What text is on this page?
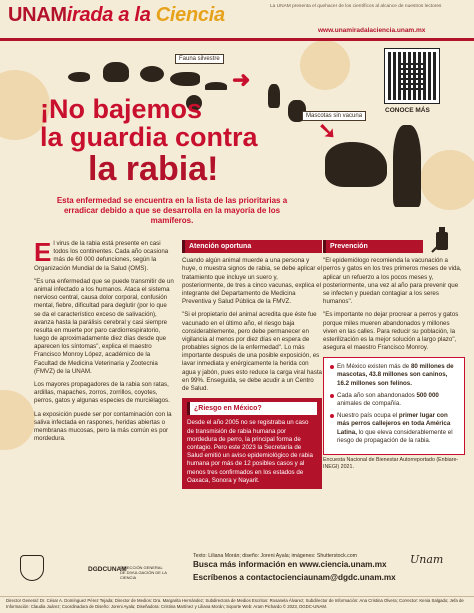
UNAMirada a la Ciencia	La UNAM presenta el quehacer de los científicos al alcance de nuestros lectores
www.unamiradalaciencia.unam.mx
Fauna silvestre
➜
Mascotas sin vacuna
➘
CONOCE MÁS
¡No bajemos
la guardia contra
la rabia!
Esta enfermedad se encuentra en la lista de las prioritarias a erradicar debido a que se desarrolla en la mayoría de los mamíferos.

El virus de la rabia está presente en casi todos los continentes. Cada año ocasiona más de 60 000 defunciones, según la Organización Mundial de la Salud (OMS).

"Es una enfermedad que se puede transmitir de un animal infectado a los humanos. Ataca el sistema nervioso central, causa dolor corporal, confusión mental, fiebre, dificultad para deglutir (por lo que se da el característico exceso de salivación), avanza hasta la parálisis cerebral y casi siempre resulta en muerte por paro cardiorrespiratorio, luego de aproximadamente diez días desde que aparecen los síntomas", explica el maestro Francisco Monroy López, académico de la Facultad de Medicina Veterinaria y Zootecnia (FMVZ) de la UNAM.

Los mayores propagadores de la rabia son ratas, ardillas, mapaches, zorros, zorrillos, coyotes, perros, gatos y algunas especies de murciélagos.

La exposición puede ser por contaminación con la saliva infectada en raspones, heridas abiertas o membranas mucosas, pero la más común es por mordedura.

Atención oportuna

Cuando algún animal muerde a una persona y huye, o muestra signos de rabia, se debe aplicar el tratamiento que incluye un suero y, posteriormente, de tres a cinco vacunas, explica el integrante del Departamento de Medicina Preventiva y Salud Pública de la FMVZ.

"Si el propietario del animal acredita que éste fue vacunado en el último año, el riesgo baja considerablemente, pero debe permanecer en vigilancia al menos por diez días en espera de probables signos de la enfermedad". Lo más importante después de una posible exposición, es lavar inmediata y enérgicamente la herida con agua y jabón, pues esto reduce la carga viral hasta en 99%. Enseguida, se debe acudir a un Centro de Salud.

¿Riesgo en México?

Desde el año 2005 no se registraba un caso de transmisión de rabia humana por mordedura de perro, la principal forma de contagio. Pero este 2023 la Secretaría de Salud emitió un aviso epidemiológico de rabia humana por más de 12 posibles casos y al menos tres confirmados en los estados de Oaxaca, Sonora y Nayarit.

Prevención

"El epidemiólogo recomienda la vacunación a perros y gatos en los tres primeros meses de vida, aplicar un refuerzo a los pocos meses y, posteriormente, una vez al año para prevenir que se infecten y puedan contagiar a los seres humanos".

"Es importante no dejar procrear a perros y gatos porque miles mueren abandonados y millones viven en las calles. Para reducir su población, la esterilización es la mejor solución a largo plazo", asegura el maestro Francisco Monroy.

En México existen más de 80 millones de mascotas, 43.8 millones son caninos, 16.2 millones son felinos.
Cada año son abandonados 500 000 animales de compañía.
Nuestro país ocupa el primer lugar con más perros callejeros en toda América Latina, lo que eleva considerablemente el riesgo de propagación de la rabia.
Encuesta Nacional de Bienestar Autorreportado (Enbiare-INEGI) 2021.
DGDCUNAM
DIRECCIÓN GENERAL DE DIVULGACIÓN DE LA CIENCIA
Texto: Liliana Morán; diseño: Joreni Ayala; imágenes: Shutterstock.com
Busca más información en www.ciencia.unam.mx
Escríbenos a contactocienciaunam@dgdc.unam.mx
Unam
Director General: Dr. César A. Domínguez Pérez Tejada; Director de Medios: Dra. Margarita Hernández; Subdirectora de Medios Escritos: Rosanela Álvarez; Subdirector de Información: Ana Cristina Olvera; Corrector: Kenia Salgado; Jefa de Información: Claudia Juárez; Coordinadora de Diseño: Joreni Ayala; Diseñadora: Cristina Martínez y Liliana Morán; Soporte Web: Aram Pichardo © 2023, DGDC-UNAM.
